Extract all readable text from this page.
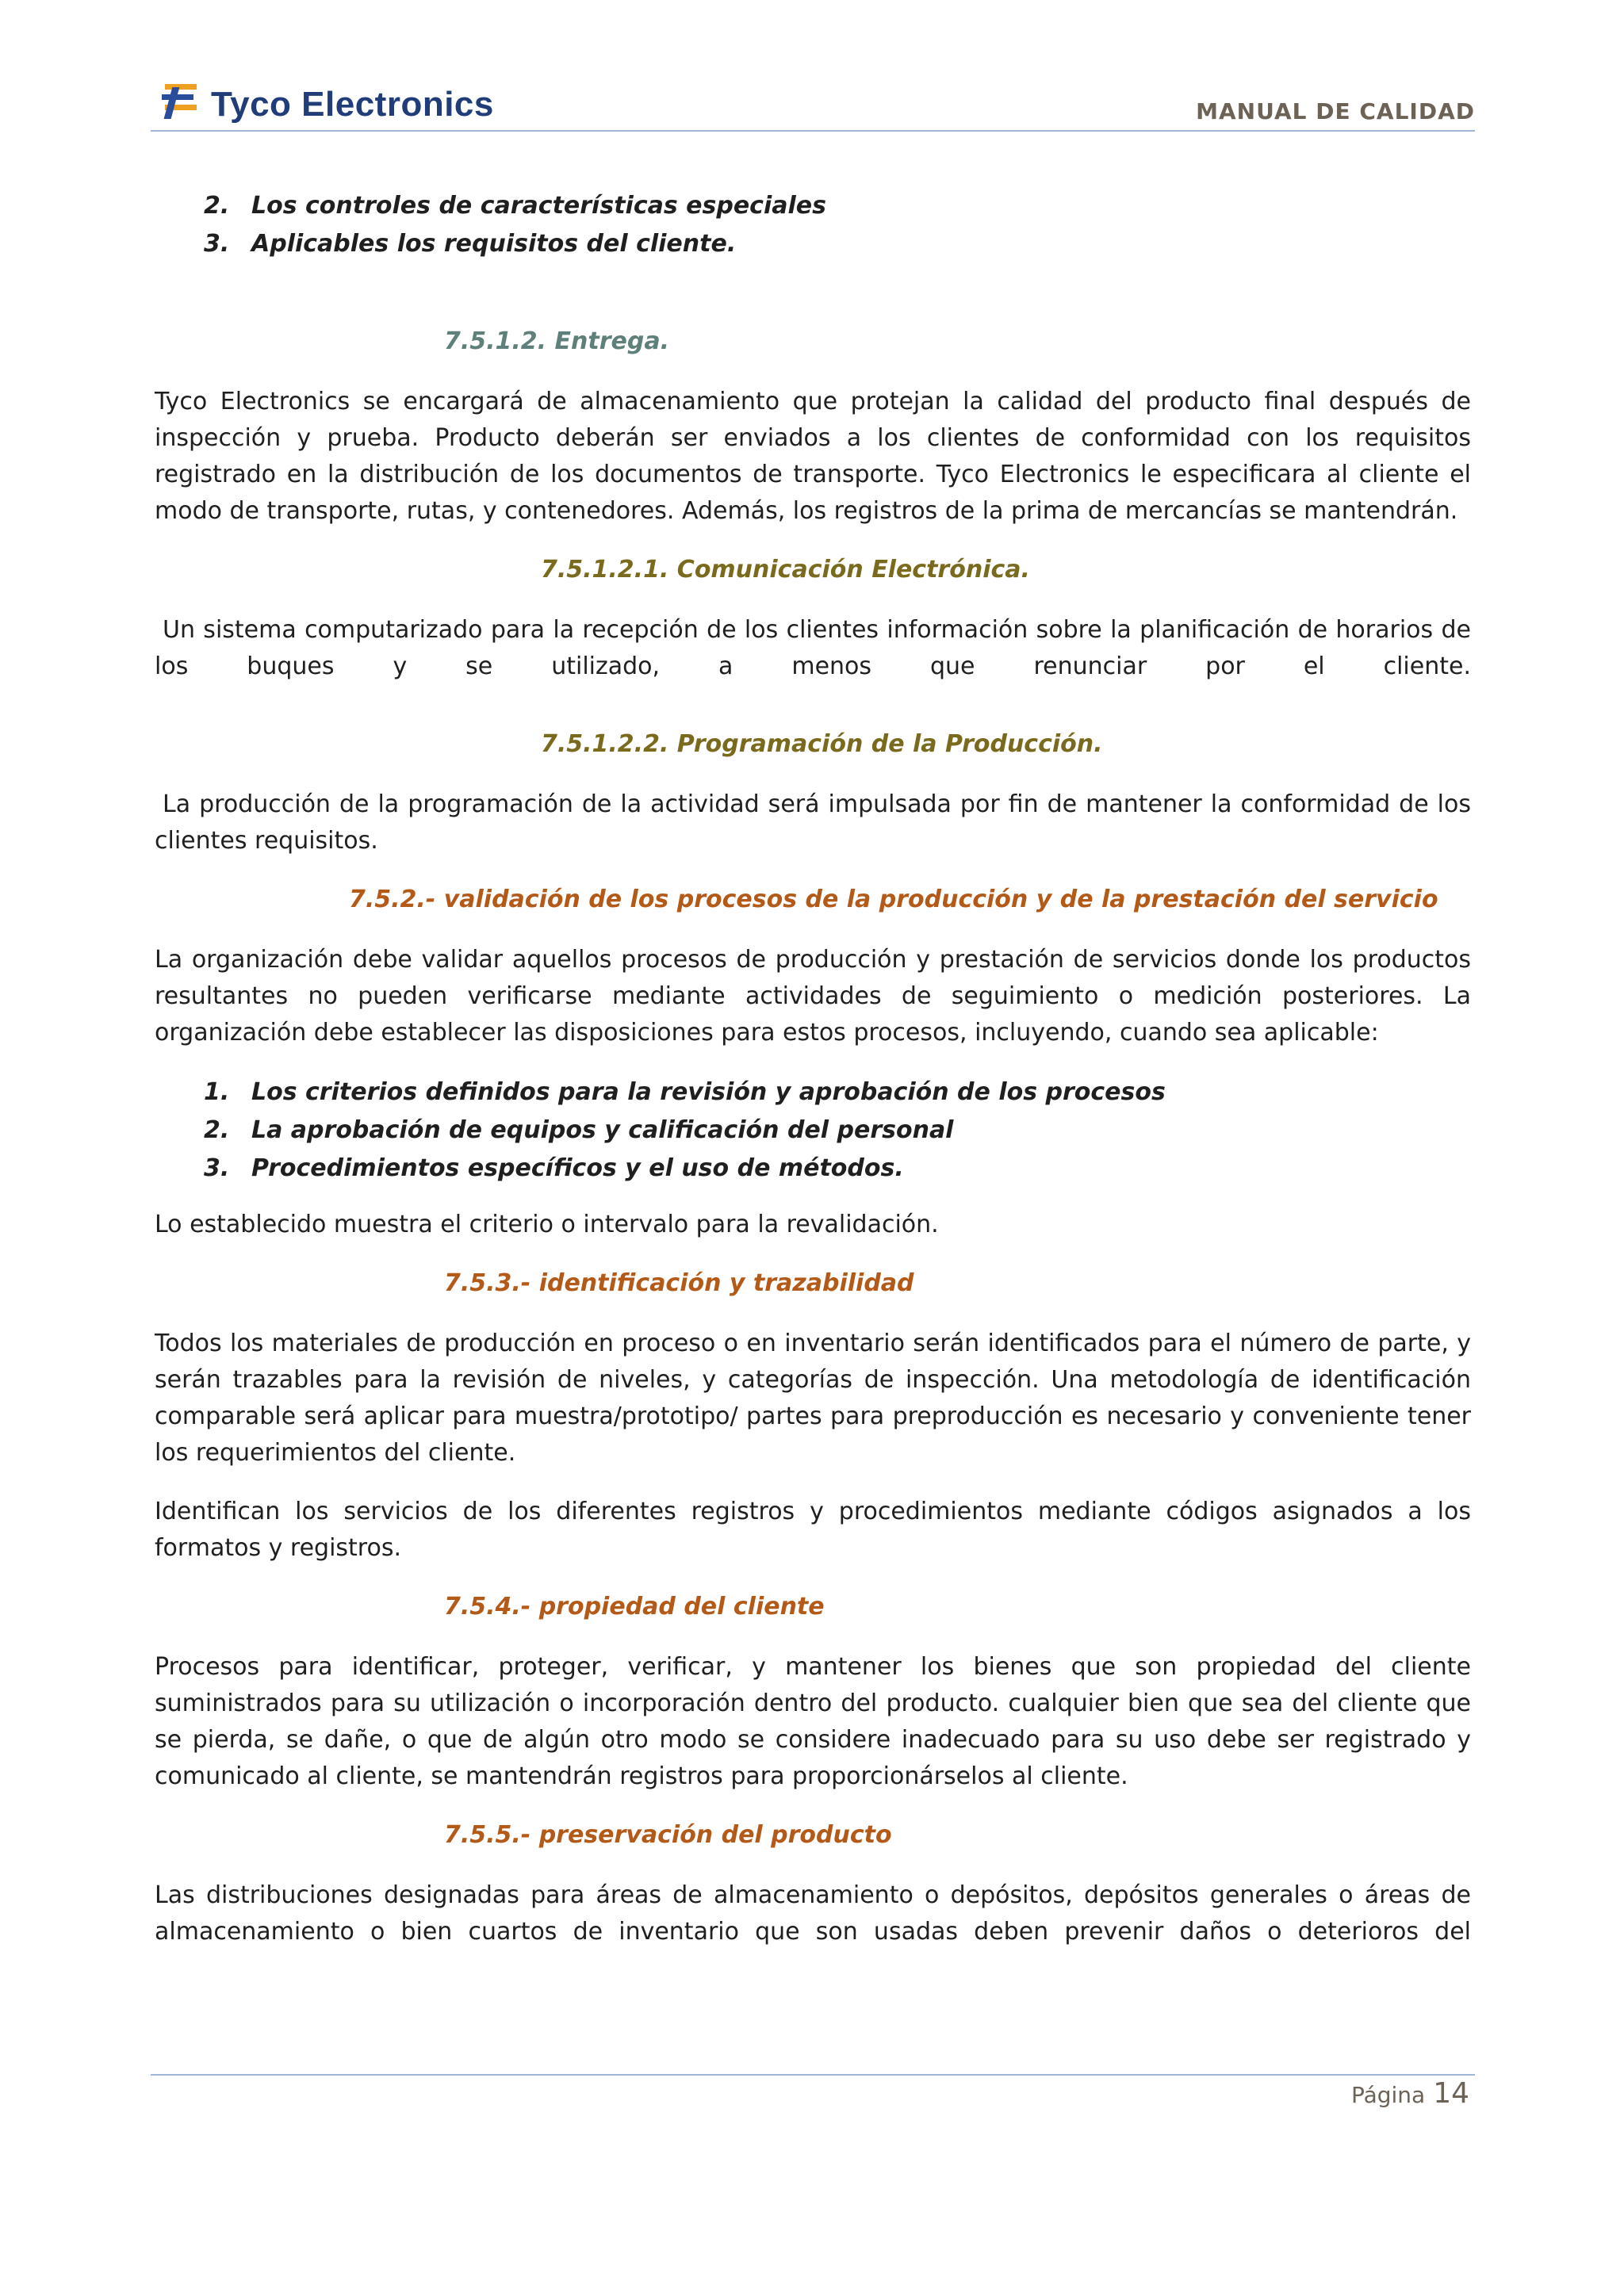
Tyco Electronics	MANUAL DE CALIDAD
2. Los controles de características especiales
3. Aplicables los requisitos del cliente.
7.5.1.2. Entrega.

Tyco Electronics se encargará de almacenamiento que protejan la calidad del producto final después de inspección y prueba. Producto deberán ser enviados a los clientes de conformidad con los requisitos registrado en la distribución de los documentos de transporte. Tyco Electronics le especificara al cliente el modo de transporte, rutas, y contenedores. Además, los registros de la prima de mercancías se mantendrán.

7.5.1.2.1. Comunicación Electrónica.
Un sistema computarizado para la recepción de los clientes información sobre la planificación de horarios de
los buques y se utilizado, a menos que renunciar por el cliente.
7.5.1.2.2. Programación de la Producción.

La producción de la programación de la actividad será impulsada por fin de mantener la conformidad de los clientes requisitos.

7.5.2.- validación de los procesos de la producción y de la prestación del servicio

La organización debe validar aquellos procesos de producción y prestación de servicios donde los productos resultantes no pueden verificarse mediante actividades de seguimiento o medición posteriores. La organización debe establecer las disposiciones para estos procesos, incluyendo, cuando sea aplicable:

1. Los criterios definidos para la revisión y aprobación de los procesos
2. La aprobación de equipos y calificación del personal
3. Procedimientos específicos y el uso de métodos.

Lo establecido muestra el criterio o intervalo para la revalidación.

7.5.3.- identificación y trazabilidad

Todos los materiales de producción en proceso o en inventario serán identificados para el número de parte, y serán trazables para la revisión de niveles, y categorías de inspección. Una metodología de identificación comparable será aplicar para muestra/prototipo/ partes para preproducción es necesario y conveniente tener los requerimientos del cliente.

Identifican los servicios de los diferentes registros y procedimientos mediante códigos asignados a los formatos y registros.

7.5.4.- propiedad del cliente

Procesos para identificar, proteger, verificar, y mantener los bienes que son propiedad del cliente suministrados para su utilización o incorporación dentro del producto. cualquier bien que sea del cliente que se pierda, se dañe, o que de algún otro modo se considere inadecuado para su uso debe ser registrado y comunicado al cliente, se mantendrán registros para proporcionárselos al cliente.

7.5.5.- preservación del producto

Las distribuciones designadas para áreas de almacenamiento o depósitos, depósitos generales o áreas de almacenamiento o bien cuartos de inventario que son usadas deben prevenir daños o deterioros del

Página 14
